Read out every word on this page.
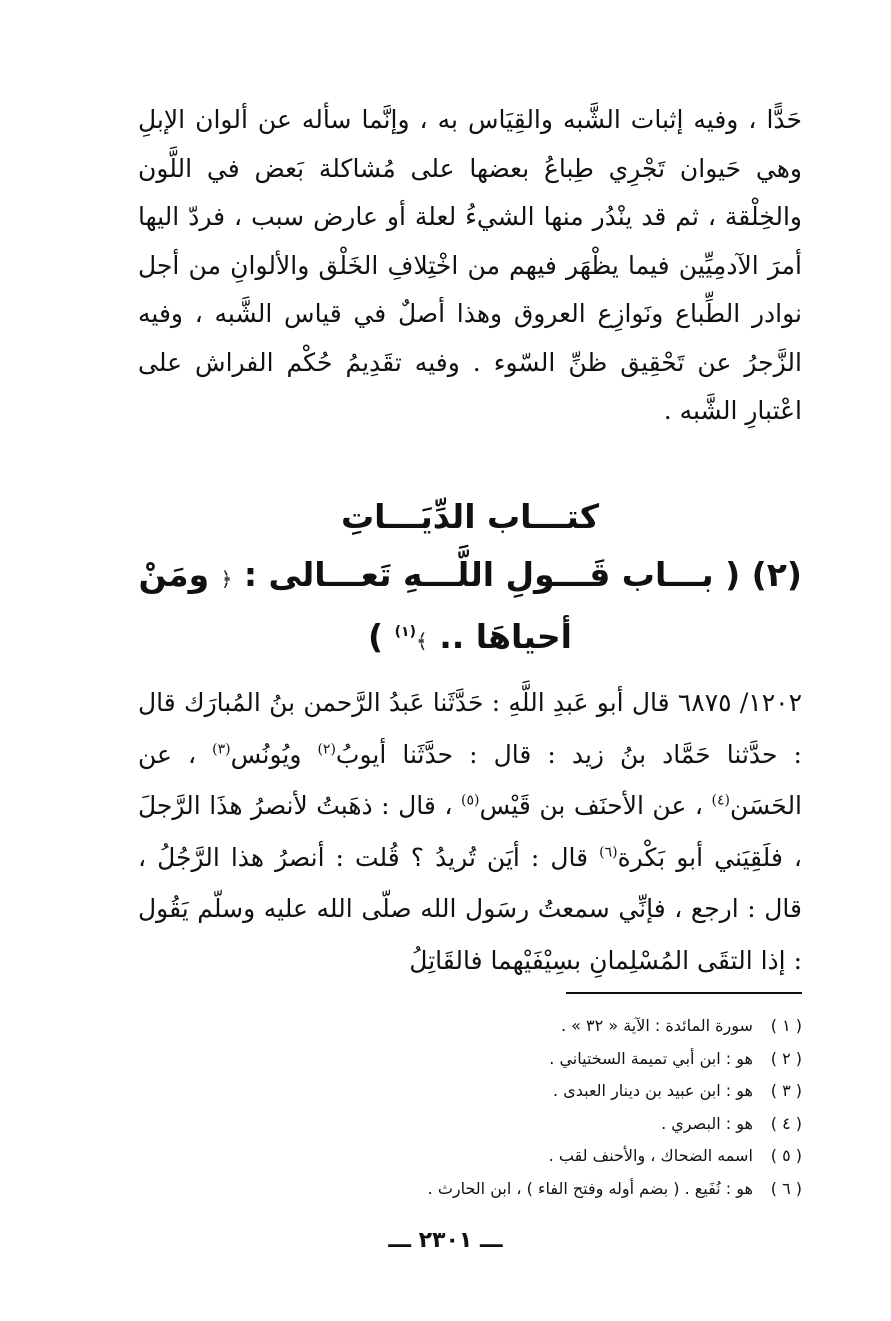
حَدًّا ، وفيه إثبات الشَّبه والقِيَاس به ، وإنَّما سأله عن ألوان الإبلِ وهي حَيوان تَجْرِي طِباعُ بعضها على مُشاكلة بَعض في اللَّون والخِلْقة ، ثم قد ينْدُر منها الشيءُ لعلة أو عارض سبب ، فردّ اليها أمرَ الآدمِيِّين فيما يظْهَر فيهم من اخْتِلافِ الخَلْق والألوانِ من أجل نوادر الطِّباع ونَوازِع العروق وهذا أصلٌ في قياس الشَّبه ، وفيه الزَّجرُ عن تَحْقِيق ظنِّ السّوء . وفيه تقَدِيمُ حُكْم الفراش على اعْتبارِ الشَّبه .
كتـــاب الدِّيَـــاتِ
(٢) ( بـــاب قَـــولِ اللَّـــهِ تَعـــالى : ﴿ ومَنْ
أحياهَا .. ﴾$^{(١)}$ )
١٢٠٢/ ٦٨٧٥ قال أبو عَبدِ اللَّهِ : حَدَّثَنا عَبدُ الرَّحمن بنُ المُبارَك قال : حدَّثنا حَمَّاد بنُ زيد : قال : حدَّثَنا أيوبُ$^{(٢)}$ ويُونُس$^{(٣)}$ ، عن الحَسَن$^{(٤)}$ ، عن الأحنَف بن قَيْس$^{(٥)}$ ، قال : ذهَبتُ لأنصرُ هذَا الرَّجلَ ، فلَقِيَني أبو بَكْرة$^{(٦)}$ قال : أيَن تُريدُ ؟ قُلت : أنصرُ هذا الرَّجُلُ ، قال : ارجع ، فإنِّي سمعتُ رسَول الله صلّى الله عليه وسلّم يَقُول : إذا التقَى المُسْلِمانِ بسِيْفَيْهما فالقَاتِلُ
( ١ ) سورة المائدة : الآية « ٣٢ » .
( ٢ ) هو : ابن أبي تميمة السختياني .
( ٣ ) هو : ابن عبيد بن دينار العبدى .
( ٤ ) هو : البصري .
( ٥ ) اسمه الضحاك ، والأحنف لقب .
( ٦ ) هو : نُفَيع . ( بضم أوله وفتح الفاء ) ، ابن الحارث .
ـــ ٢٣٠١ ـــ
